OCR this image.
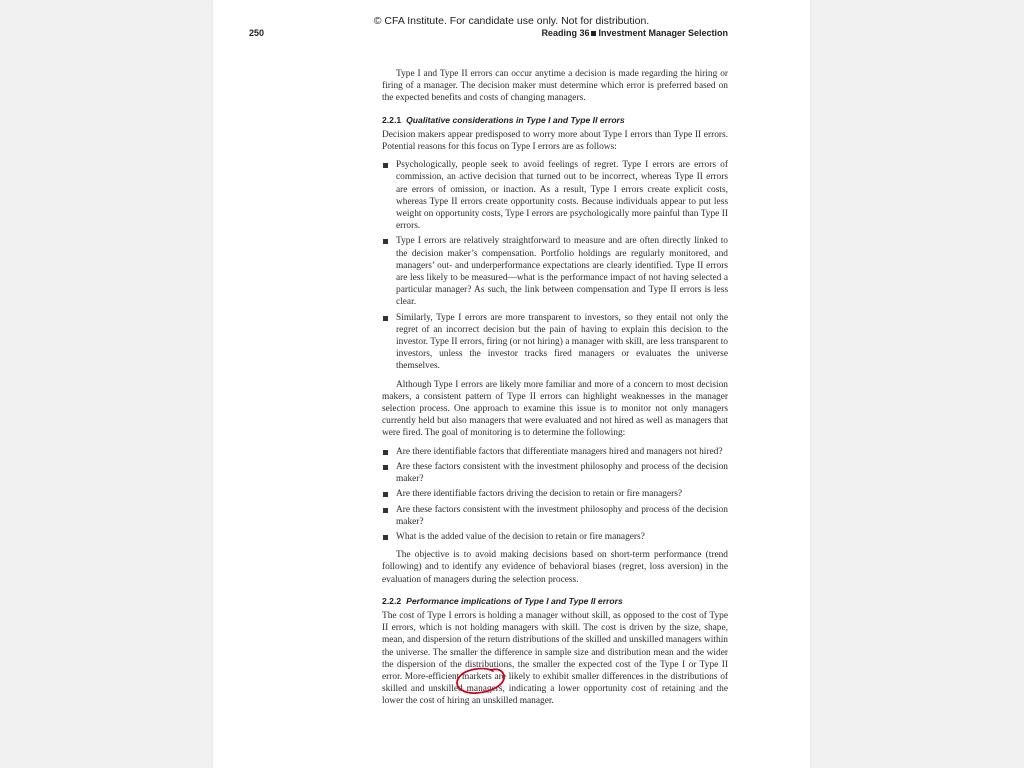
© CFA Institute. For candidate use only. Not for distribution.
250	Reading 36 Investment Manager Selection

Type I and Type II errors can occur anytime a decision is made regarding the hiring or firing of a manager. The decision maker must determine which error is preferred based on the expected benefits and costs of changing managers.

2.2.1 Qualitative considerations in Type I and Type II errors

Decision makers appear predisposed to worry more about Type I errors than Type II errors. Potential reasons for this focus on Type I errors are as follows:

Psychologically, people seek to avoid feelings of regret. Type I errors are errors of commission, an active decision that turned out to be incorrect, whereas Type II errors are errors of omission, or inaction. As a result, Type I errors create explicit costs, whereas Type II errors create opportunity costs. Because individuals appear to put less weight on opportunity costs, Type I errors are psychologically more painful than Type II errors.
Type I errors are relatively straightforward to measure and are often directly linked to the decision maker’s compensation. Portfolio holdings are regularly monitored, and managers’ out- and underperformance expectations are clearly identified. Type II errors are less likely to be measured—what is the performance impact of not having selected a particular manager? As such, the link between compensation and Type II errors is less clear.
Similarly, Type I errors are more transparent to investors, so they entail not only the regret of an incorrect decision but the pain of having to explain this decision to the investor. Type II errors, firing (or not hiring) a manager with skill, are less transparent to investors, unless the investor tracks fired managers or evaluates the universe themselves.

Although Type I errors are likely more familiar and more of a concern to most decision makers, a consistent pattern of Type II errors can highlight weaknesses in the manager selection process. One approach to examine this issue is to monitor not only managers currently held but also managers that were evaluated and not hired as well as managers that were fired. The goal of monitoring is to determine the following:

Are there identifiable factors that differentiate managers hired and managers not hired?
Are these factors consistent with the investment philosophy and process of the decision maker?
Are there identifiable factors driving the decision to retain or fire managers?
Are these factors consistent with the investment philosophy and process of the decision maker?
What is the added value of the decision to retain or fire managers?

The objective is to avoid making decisions based on short-term performance (trend following) and to identify any evidence of behavioral biases (regret, loss aversion) in the evaluation of managers during the selection process.

2.2.2 Performance implications of Type I and Type II errors

The cost of Type I errors is holding a manager without skill, as opposed to the cost of Type II errors, which is not holding managers with skill. The cost is driven by the size, shape, mean, and dispersion of the return distributions of the skilled and unskilled managers within the universe. The smaller the difference in sample size and distribution mean and the wider the dispersion of the distributions, the smaller the expected cost of the Type I or Type II error. More-efficient markets are likely to exhibit smaller differences in the distributions of skilled and unskilled managers, indicating a lower opportunity cost of retaining and the lower the cost of hiring an unskilled manager.
